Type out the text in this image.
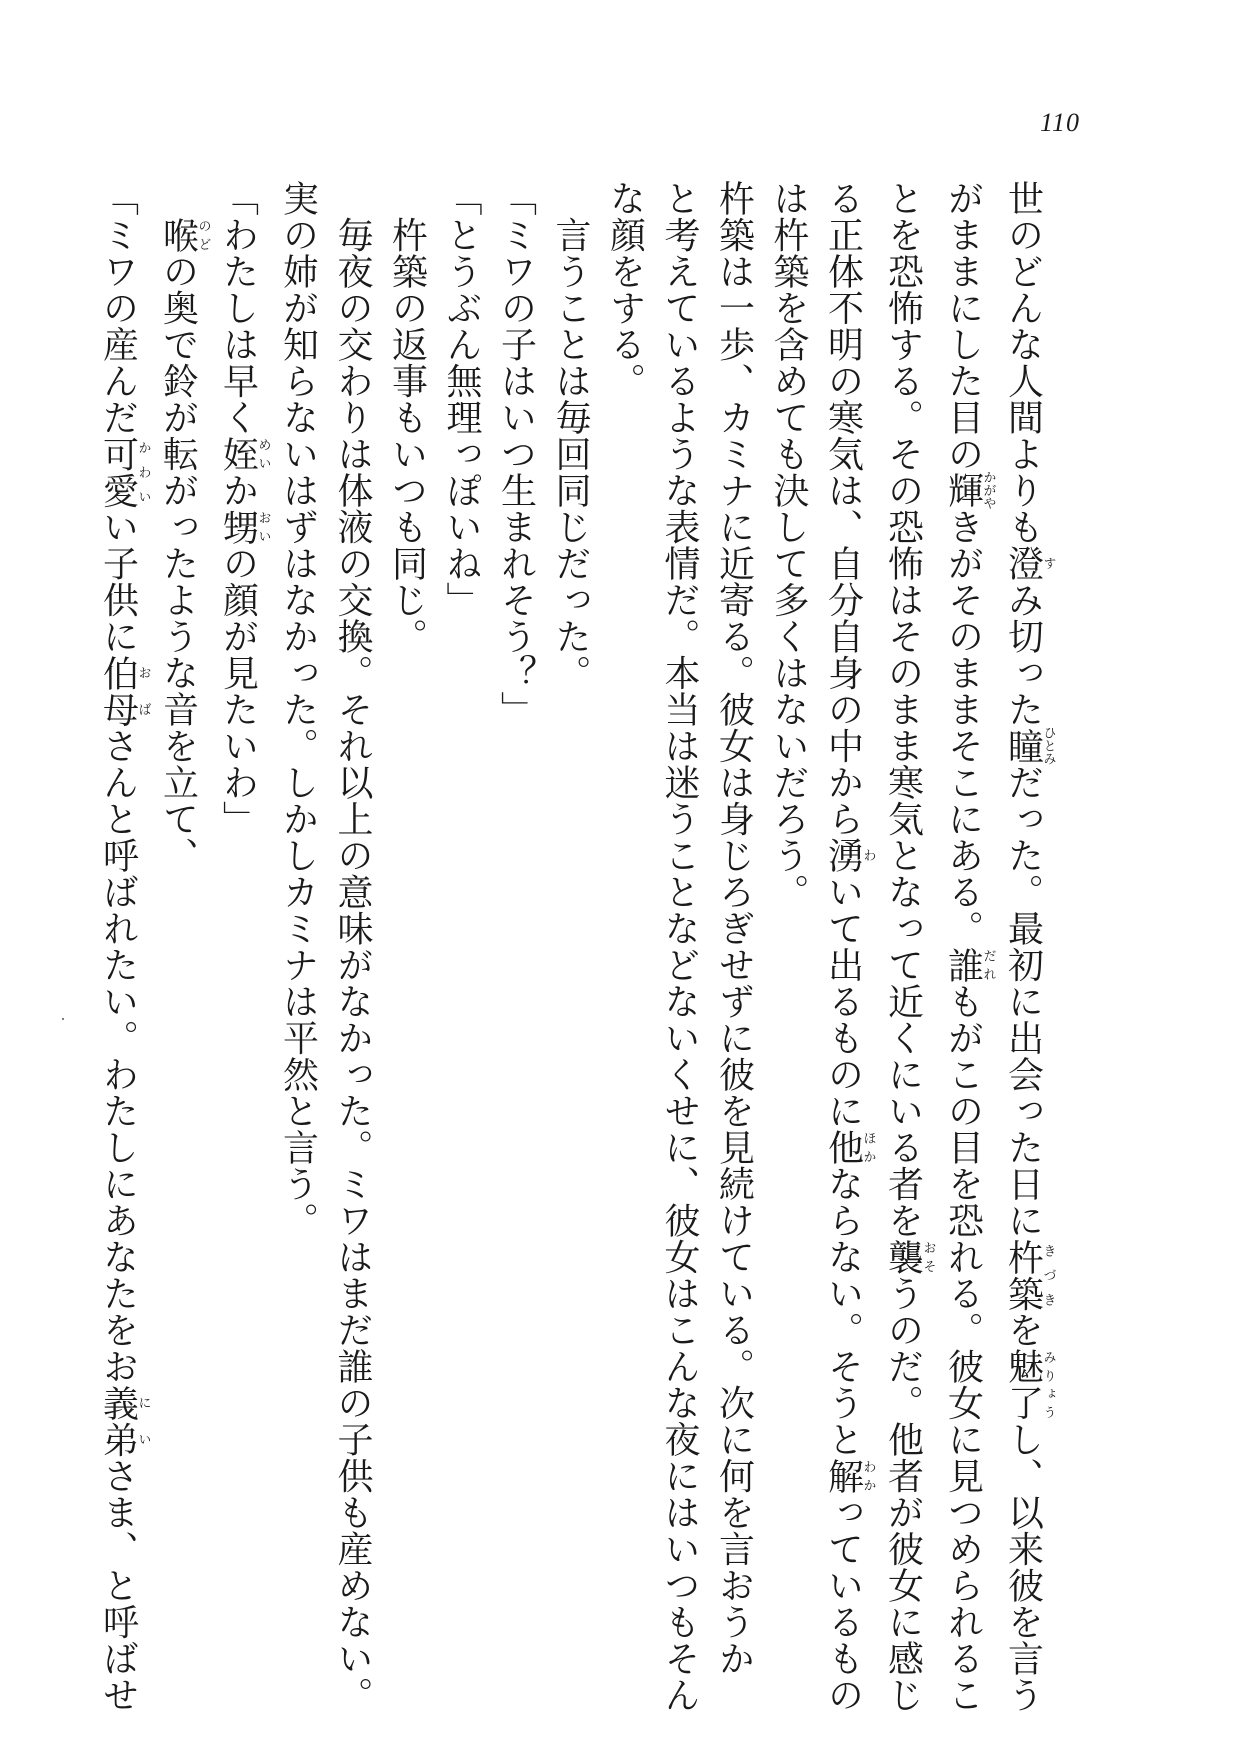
110
世のどんな人間よりも澄すみ切った瞳ひとみだった。最初に出会った日に杵築きづきを魅了みりょうし、以来彼を言う
がままにした目の輝かがやきがそのままそこにある。誰だれもがこの目を恐れる。彼女に見つめられるこ
とを恐怖する。その恐怖はそのまま寒気となって近くにいる者を襲おそうのだ。他者が彼女に感じ
る正体不明の寒気は、自分自身の中から湧わいて出るものに他ほかならない。そうと解わかっているもの
は杵築を含めても決して多くはないだろう。
杵築は一歩、カミナに近寄る。彼女は身じろぎせずに彼を見続けている。次に何を言おうか
と考えているような表情だ。本当は迷うことなどないくせに、彼女はこんな夜にはいつもそん
な顔をする。
　言うことは毎回同じだった。
「ミワの子はいつ生まれそう？」
「とうぶん無理っぽいね」
　杵築の返事もいつも同じ。
　毎夜の交わりは体液の交換。それ以上の意味がなかった。ミワはまだ誰の子供も産めない。
実の姉が知らないはずはなかった。しかしカミナは平然と言う。
「わたしは早く姪めいか甥おいの顔が見たいわ」
　喉のどの奥で鈴が転がったような音を立て、
「ミワの産んだ可愛かわいい子供に伯母おばさんと呼ばれたい。わたしにあなたをお義弟にいさま、と呼ばせ
